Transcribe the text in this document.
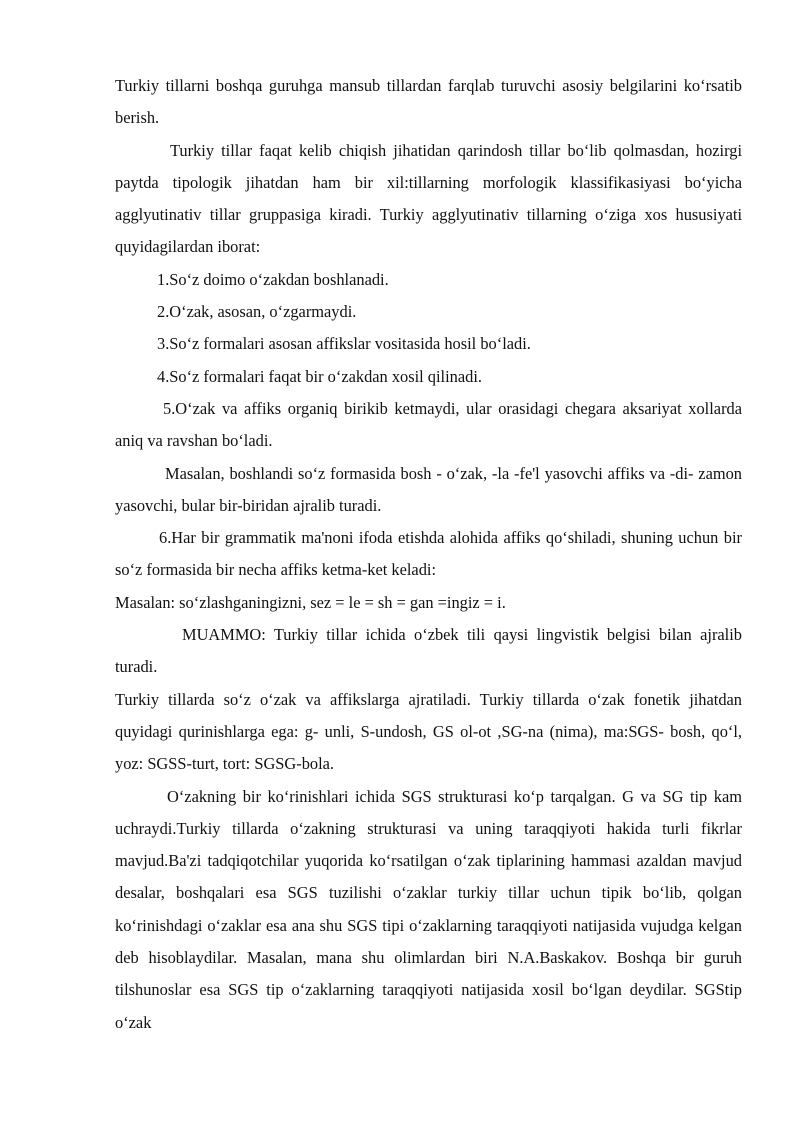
Turkiy tillarni boshqa guruhga mansub tillardan farqlab turuvchi asosiy belgilarini ko‘rsatib berish.

Turkiy tillar faqat kelib chiqish jihatidan qarindosh tillar bo‘lib qolmasdan, hozirgi paytda tipologik jihatdan ham bir xil:tillarning morfologik klassifikasiyasi bo‘yicha agglyutinativ tillar gruppasiga kiradi. Turkiy agglyutinativ tillarning o‘ziga xos hususiyati quyidagilardan iborat:

1.So‘z doimo o‘zakdan boshlanadi.

2.O‘zak, asosan, o‘zgarmaydi.

3.So‘z formalari asosan affikslar vositasida hosil bo‘ladi.

4.So‘z formalari faqat bir o‘zakdan xosil qilinadi.

5.O‘zak va affiks organiq birikib ketmaydi, ular orasidagi chegara aksariyat xollarda aniq va ravshan bo‘ladi.

Masalan, boshlandi so‘z formasida bosh - o‘zak, -la -fe'l yasovchi affiks va -di- zamon yasovchi, bular bir-biridan ajralib turadi.

6.Har bir grammatik ma'noni ifoda etishda alohida affiks qo‘shiladi, shuning uchun bir so‘z formasida bir necha affiks ketma-ket keladi:

Masalan: so‘zlashganingizni, sez = le = sh = gan =ingiz = i.

MUAMMO: Turkiy tillar ichida o‘zbek tili qaysi lingvistik belgisi bilan ajralib turadi.

Turkiy tillarda so‘z o‘zak va affikslarga ajratiladi. Turkiy tillarda o‘zak fonetik jihatdan quyidagi qurinishlarga ega: g- unli, S-undosh, GS ol-ot ,SG-na (nima), ma:SGS- bosh, qo‘l, yoz: SGSS-turt, tort: SGSG-bola.

O‘zakning bir ko‘rinishlari ichida SGS strukturasi ko‘p tarqalgan. G va SG tip kam uchraydi.Turkiy tillarda o‘zakning strukturasi va uning taraqqiyoti hakida turli fikrlar mavjud.Ba'zi tadqiqotchilar yuqorida ko‘rsatilgan o‘zak tiplarining hammasi azaldan mavjud desalar, boshqalari esa SGS tuzilishi o‘zaklar turkiy tillar uchun tipik bo‘lib, qolgan ko‘rinishdagi o‘zaklar esa ana shu SGS tipi o‘zaklarning taraqqiyoti natijasida vujudga kelgan deb hisoblaydilar. Masalan, mana shu olimlardan biri N.A.Baskakov. Boshqa bir guruh tilshunoslar esa SGS tip o‘zaklarning taraqqiyoti natijasida xosil bo‘lgan deydilar. SGStip o‘zak
